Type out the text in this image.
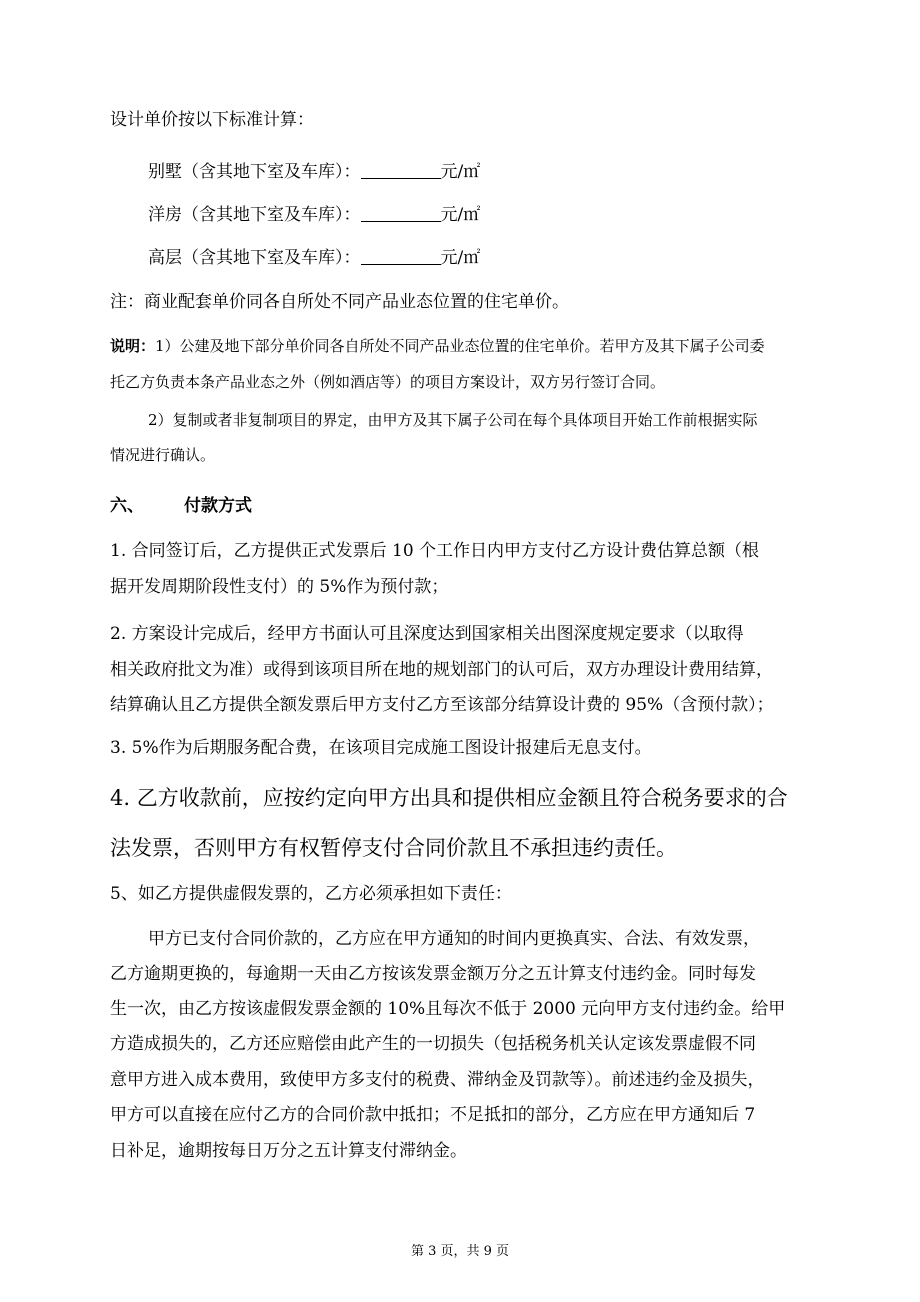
设计单价按以下标准计算：
别墅（含其地下室及车库）：	元/㎡
洋房（含其地下室及车库）：	元/㎡
高层（含其地下室及车库）：	元/㎡
注：商业配套单价同各自所处不同产品业态位置的住宅单价。
说明：1）公建及地下部分单价同各自所处不同产品业态位置的住宅单价。若甲方及其下属子公司委
托乙方负责本条产品业态之外（例如酒店等）的项目方案设计，双方另行签订合同。
2）复制或者非复制项目的界定，由甲方及其下属子公司在每个具体项目开始工作前根据实际
情况进行确认。
六、 付款方式
1. 合同签订后，乙方提供正式发票后 10 个工作日内甲方支付乙方设计费估算总额（根
据开发周期阶段性支付）的 5%作为预付款；
2. 方案设计完成后，经甲方书面认可且深度达到国家相关出图深度规定要求（以取得
相关政府批文为准）或得到该项目所在地的规划部门的认可后，双方办理设计费用结算，
结算确认且乙方提供全额发票后甲方支付乙方至该部分结算设计费的 95%（含预付款）；
3. 5%作为后期服务配合费，在该项目完成施工图设计报建后无息支付。
4. 乙方收款前，应按约定向甲方出具和提供相应金额且符合税务要求的合
法发票，否则甲方有权暂停支付合同价款且不承担违约责任。
5、如乙方提供虚假发票的，乙方必须承担如下责任：
甲方已支付合同价款的，乙方应在甲方通知的时间内更换真实、合法、有效发票，
乙方逾期更换的，每逾期一天由乙方按该发票金额万分之五计算支付违约金。同时每发
生一次，由乙方按该虚假发票金额的 10%且每次不低于 2000 元向甲方支付违约金。给甲
方造成损失的，乙方还应赔偿由此产生的一切损失（包括税务机关认定该发票虚假不同
意甲方进入成本费用，致使甲方多支付的税费、滞纳金及罚款等）。前述违约金及损失，
甲方可以直接在应付乙方的合同价款中抵扣；不足抵扣的部分，乙方应在甲方通知后 7
日补足，逾期按每日万分之五计算支付滞纳金。
第 3 页，共 9 页
